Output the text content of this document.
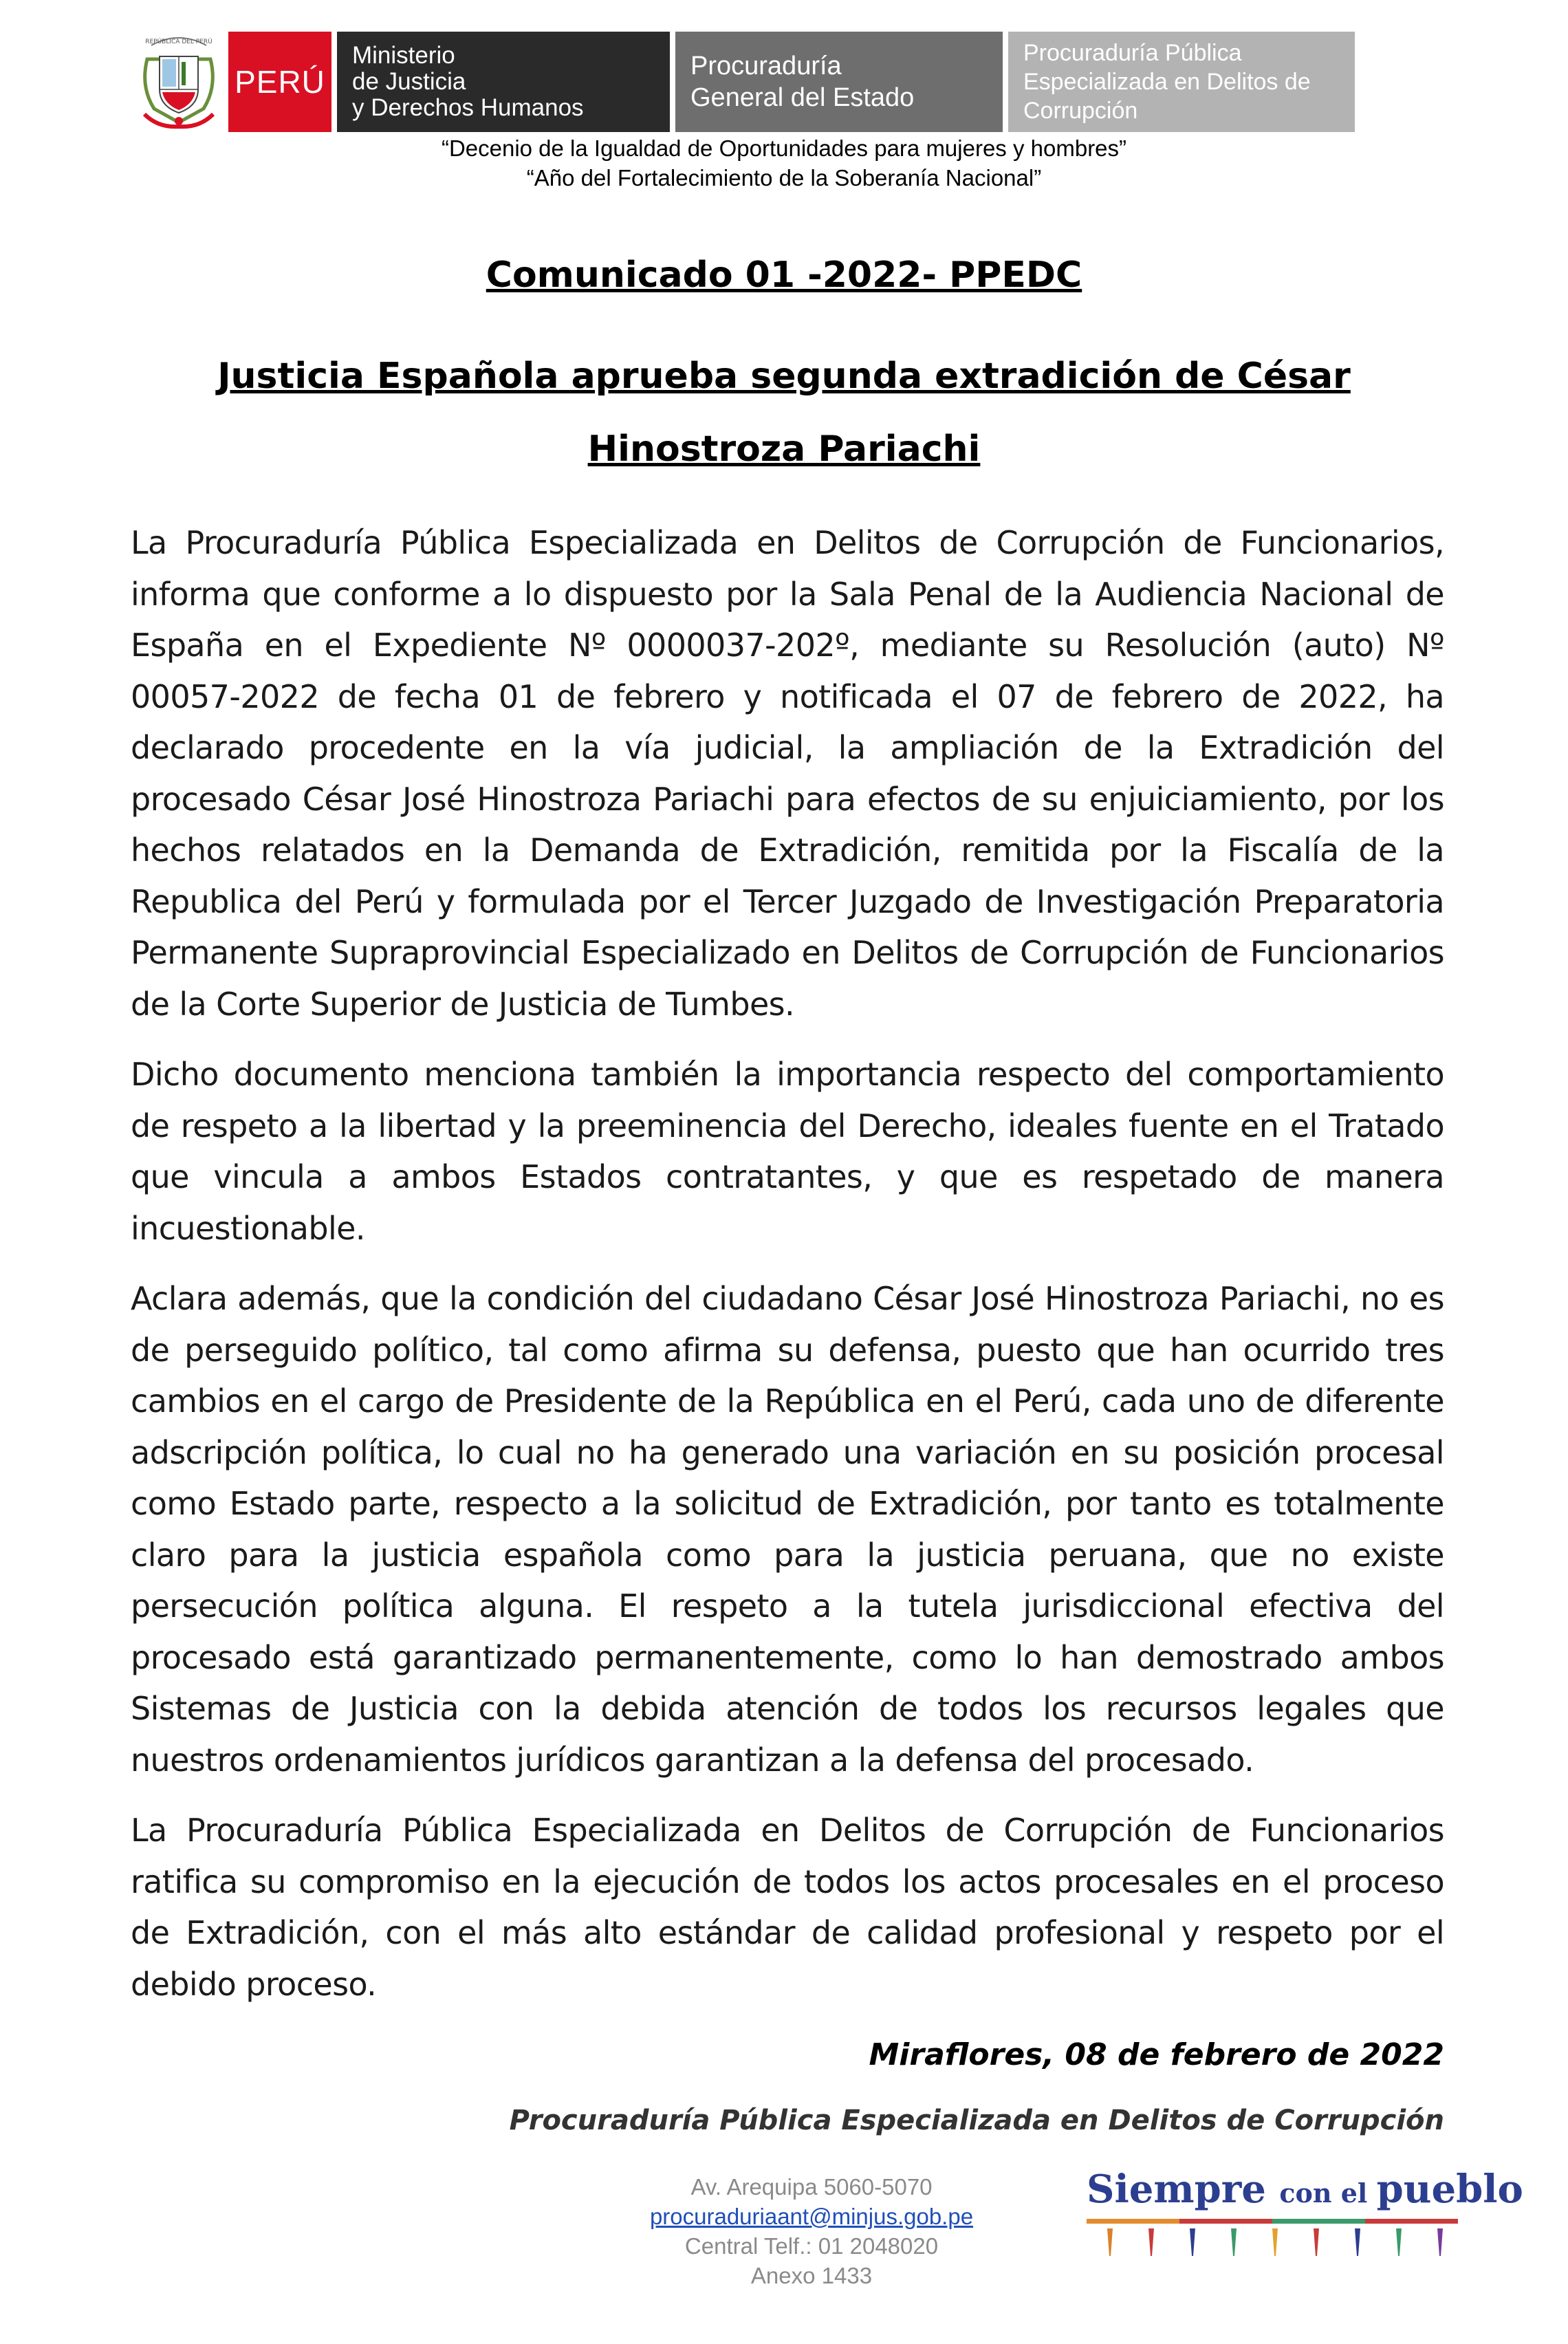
REPÚBLICA DEL PERÚ
PERÚ
Ministerio
de Justicia
y Derechos Humanos
Procuraduría
General del Estado
Procuraduría Pública
Especializada en Delitos de
Corrupción
“Decenio de la Igualdad de Oportunidades para mujeres y hombres”
“Año del Fortalecimiento de la Soberanía Nacional”
Comunicado 01 -2022- PPEDC
Justicia Española aprueba segunda extradición de César Hinostroza Pariachi

La Procuraduría Pública Especializada en Delitos de Corrupción de Funcionarios, informa que conforme a lo dispuesto por la Sala Penal de la Audiencia Nacional de España en el Expediente Nº 0000037-202º, mediante su Resolución (auto) Nº 00057-2022 de fecha 01 de febrero y notificada el 07 de febrero de 2022, ha declarado procedente en la vía judicial, la ampliación de la Extradición del procesado César José Hinostroza Pariachi para efectos de su enjuiciamiento, por los hechos relatados en la Demanda de Extradición, remitida por la Fiscalía de la Republica del Perú y formulada por el Tercer Juzgado de Investigación Preparatoria Permanente Supraprovincial Especializado en Delitos de Corrupción de Funcionarios de la Corte Superior de Justicia de Tumbes.

Dicho documento menciona también la importancia respecto del comportamiento de respeto a la libertad y la preeminencia del Derecho, ideales fuente en el Tratado que vincula a ambos Estados contratantes, y que es respetado de manera incuestionable.

Aclara además, que la condición del ciudadano César José Hinostroza Pariachi, no es de perseguido político, tal como afirma su defensa, puesto que han ocurrido tres cambios en el cargo de Presidente de la República en el Perú, cada uno de diferente adscripción política, lo cual no ha generado una variación en su posición procesal como Estado parte, respecto a la solicitud de Extradición, por tanto es totalmente claro para la justicia española como para la justicia peruana, que no existe persecución política alguna. El respeto a la tutela jurisdiccional efectiva del procesado está garantizado permanentemente, como lo han demostrado ambos Sistemas de Justicia con la debida atención de todos los recursos legales que nuestros ordenamientos jurídicos garantizan a la defensa del procesado.

La Procuraduría Pública Especializada en Delitos de Corrupción de Funcionarios ratifica su compromiso en la ejecución de todos los actos procesales en el proceso de Extradición, con el más alto estándar de calidad profesional y respeto por el debido proceso.

Miraflores, 08 de febrero de 2022
Procuraduría Pública Especializada en Delitos de Corrupción
Av. Arequipa 5060-5070
procuraduriaant@minjus.gob.pe
Central Telf.: 01 2048020
Anexo 1433
Siempre con el pueblo
